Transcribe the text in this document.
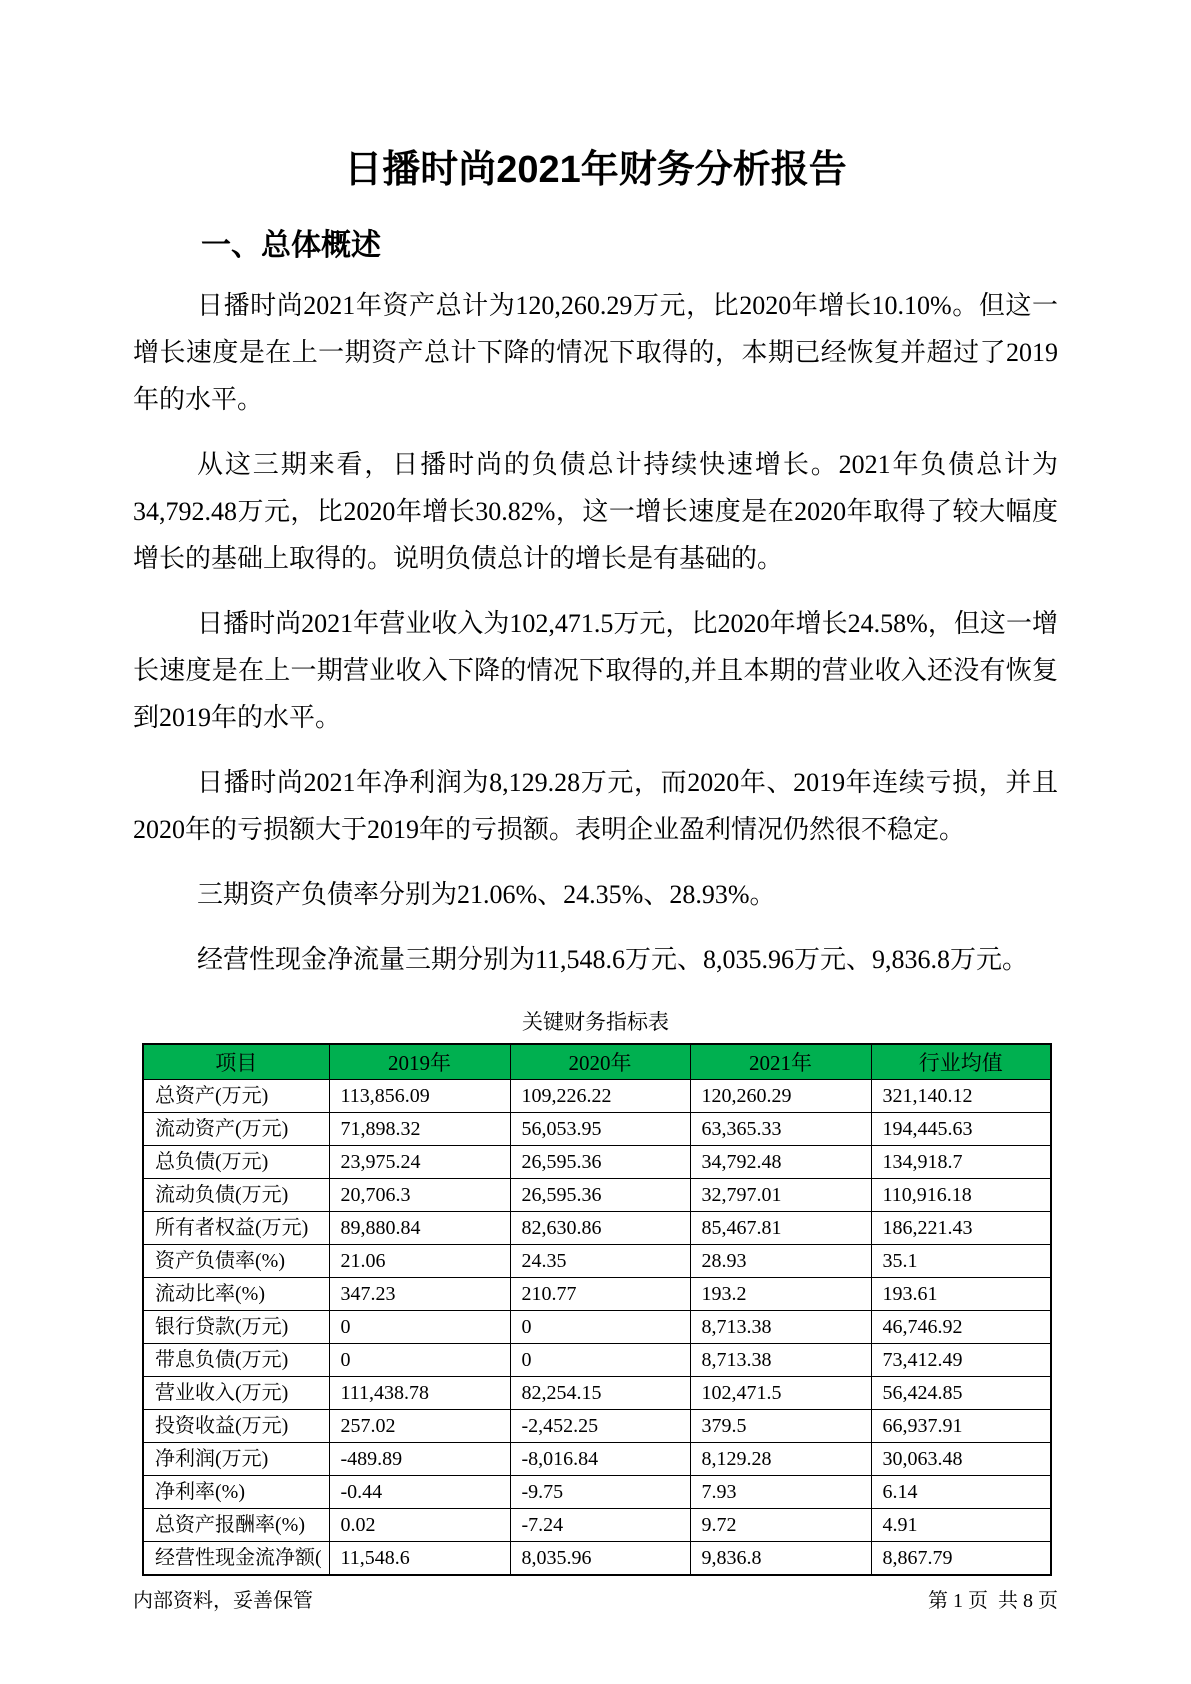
日播时尚2021年财务分析报告
一、总体概述

日播时尚2021年资产总计为120,260.29万元，比2020年增长10.10%。但这一增长速度是在上一期资产总计下降的情况下取得的，本期已经恢复并超过了2019年的水平。

从这三期来看，日播时尚的负债总计持续快速增长。2021年负债总计为34,792.48万元，比2020年增长30.82%，这一增长速度是在2020年取得了较大幅度增长的基础上取得的。说明负债总计的增长是有基础的。

日播时尚2021年营业收入为102,471.5万元，比2020年增长24.58%，但这一增长速度是在上一期营业收入下降的情况下取得的,并且本期的营业收入还没有恢复到2019年的水平。

日播时尚2021年净利润为8,129.28万元，而2020年、2019年连续亏损，并且2020年的亏损额大于2019年的亏损额。表明企业盈利情况仍然很不稳定。

三期资产负债率分别为21.06%、24.35%、28.93%。

经营性现金净流量三期分别为11,548.6万元、8,035.96万元、9,836.8万元。

关键财务指标表
项目	2019年	2020年	2021年	行业均值
总资产(万元)	113,856.09	109,226.22	120,260.29	321,140.12
流动资产(万元)	71,898.32	56,053.95	63,365.33	194,445.63
总负债(万元)	23,975.24	26,595.36	34,792.48	134,918.7
流动负债(万元)	20,706.3	26,595.36	32,797.01	110,916.18
所有者权益(万元)	89,880.84	82,630.86	85,467.81	186,221.43
资产负债率(%)	21.06	24.35	28.93	35.1
流动比率(%)	347.23	210.77	193.2	193.61
银行贷款(万元)	0	0	8,713.38	46,746.92
带息负债(万元)	0	0	8,713.38	73,412.49
营业收入(万元)	111,438.78	82,254.15	102,471.5	56,424.85
投资收益(万元)	257.02	-2,452.25	379.5	66,937.91
净利润(万元)	-489.89	-8,016.84	8,129.28	30,063.48
净利率(%)	-0.44	-9.75	7.93	6.14
总资产报酬率(%)	0.02	-7.24	9.72	4.91
经营性现金流净额(	11,548.6	8,035.96	9,836.8	8,867.79
内部资料，妥善保管	第 1 页  共 8 页
